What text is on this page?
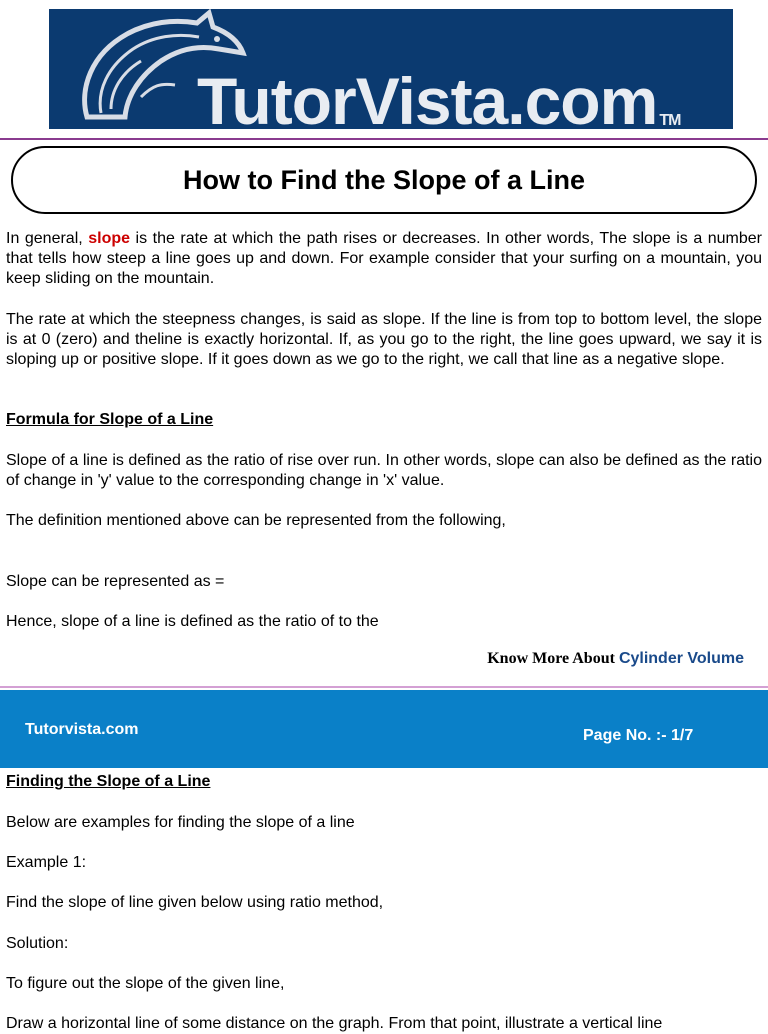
TutorVista.com ™
How to Find the Slope of a Line

In general, slope is the rate at which the path rises or decreases. In other words, The slope is a number that tells how steep a line goes up and down. For example consider that your surfing on a mountain, you keep sliding on the mountain.

The rate at which the steepness changes, is said as slope. If the line is from top to bottom level, the slope is at 0 (zero) and theline is exactly horizontal. If, as you go to the right, the line goes upward, we say it is sloping up or positive slope. If it goes down as we go to the right, we call that line as a negative slope.

Formula for Slope of a Line

Slope of a line is defined as the ratio of rise over run. In other words, slope can also be defined as the ratio of change in 'y' value to the corresponding change in 'x' value.

The definition mentioned above can be represented from the following,

Slope can be represented as =

Hence, slope of a line is defined as the ratio of to the

Know More About Cylinder Volume
Tutorvista.com	Page No. :- 1/7

Finding the Slope of a Line

Below are examples for finding the slope of a line

Example 1:

Find the slope of line given below using ratio method,

Solution:

To figure out the slope of the given line,

Draw a horizontal line of some distance on the graph. From that point, illustrate a vertical line
